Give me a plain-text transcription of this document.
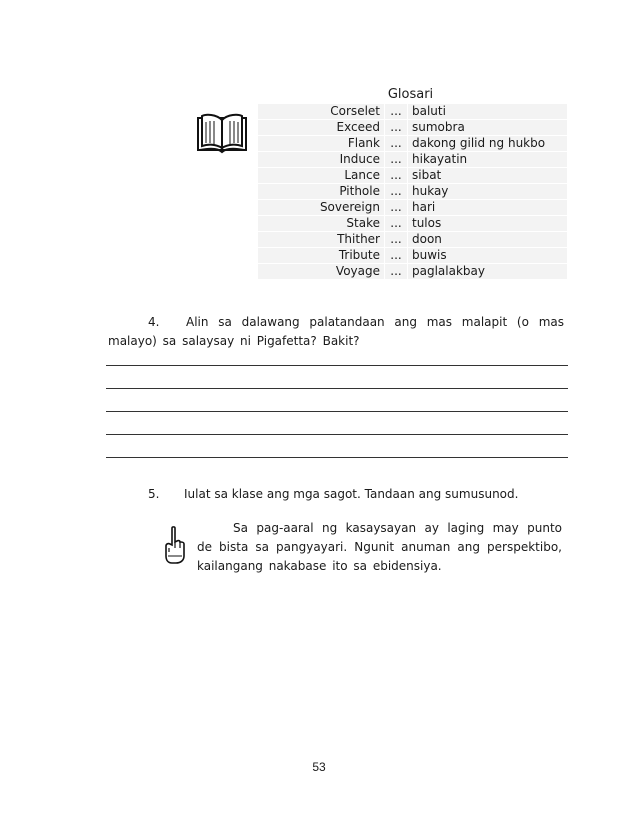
Glosari
Corselet	...	baluti
Exceed	...	sumobra
Flank	...	dakong gilid ng hukbo
Induce	...	hikayatin
Lance	...	sibat
Pithole	...	hukay
Sovereign	...	hari
Stake	...	tulos
Thither	...	doon
Tribute	...	buwis
Voyage	...	paglalakbay
4. Alin sa dalawang palatandaan ang mas malapit (o mas malayo) sa salaysay ni Pigafetta? Bakit?
5. Iulat sa klase ang mga sagot. Tandaan ang sumusunod.
Sa pag-aaral ng kasaysayan ay laging may punto de bista sa pangyayari. Ngunit anuman ang perspektibo, kailangang nakabase ito sa ebidensiya.
53
